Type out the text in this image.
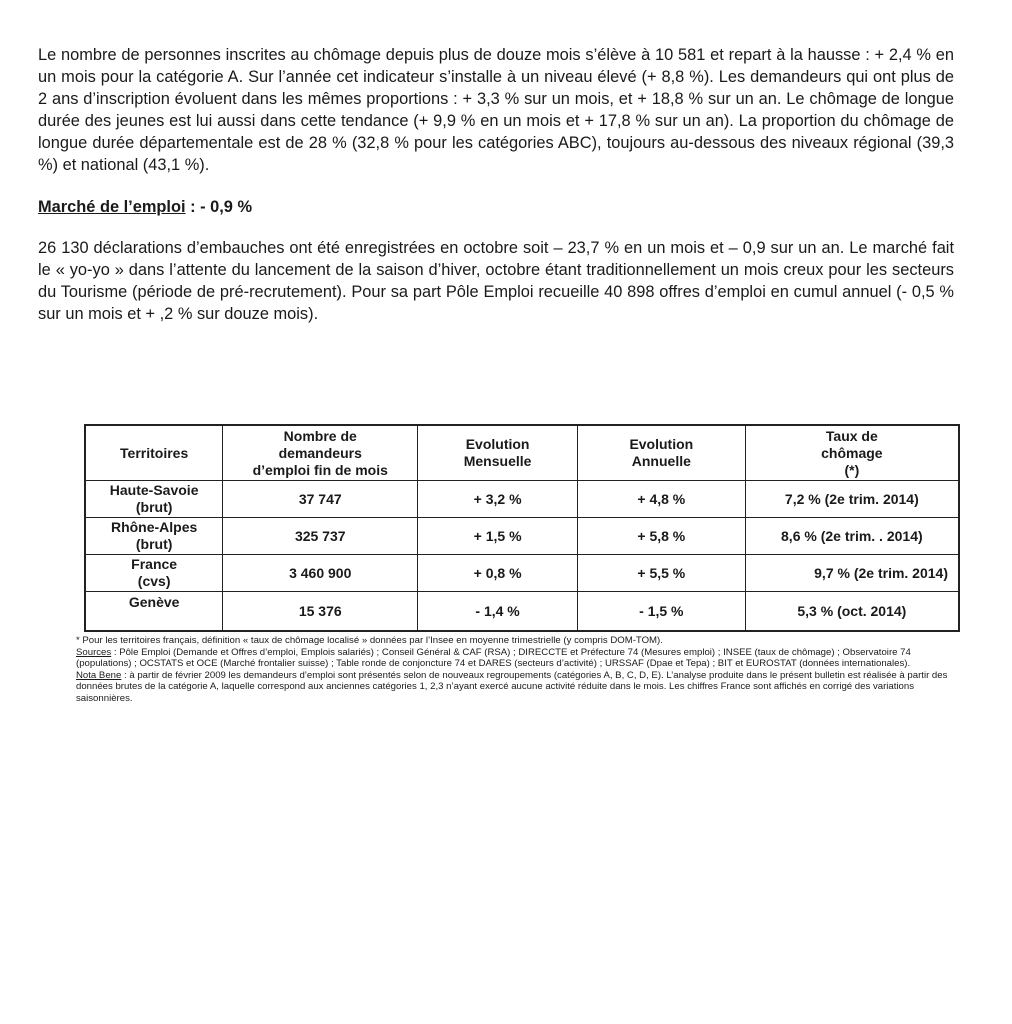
Le nombre de personnes inscrites au chômage depuis plus de douze mois s’élève à 10 581 et repart à la hausse : + 2,4 % en un mois pour la catégorie A. Sur l’année cet indicateur s’installe à un niveau élevé (+ 8,8 %). Les demandeurs qui ont plus de 2 ans d’inscription évoluent dans les mêmes proportions : + 3,3 % sur un mois, et + 18,8 % sur un an. Le chômage de longue durée des jeunes est lui aussi dans cette tendance (+ 9,9 % en un mois et + 17,8 % sur un an). La proportion du chômage de longue durée départementale est de 28 % (32,8 % pour les catégories ABC), toujours au-dessous des niveaux régional (39,3 %) et national (43,1 %).

Marché de l’emploi : - 0,9 %

26 130 déclarations d’embauches ont été enregistrées en octobre soit – 23,7 % en un mois et – 0,9 sur un an. Le marché fait le « yo-yo » dans l’attente du lancement de la saison d’hiver, octobre étant traditionnellement un mois creux pour les secteurs du Tourisme (période de pré-recrutement). Pour sa part Pôle Emploi recueille 40 898 offres d’emploi en cumul annuel (- 0,5 % sur un mois et + ,2 % sur douze mois).

Territoires	Nombre de demandeurs d’emploi fin de mois	Evolution Mensuelle	Evolution Annuelle	Taux de chômage (*)
Haute-Savoie (brut)	37 747	+ 3,2 %	+ 4,8 %	7,2 % (2e trim. 2014)
Rhône-Alpes (brut)	325 737	+ 1,5 %	+ 5,8 %	8,6 % (2e trim. . 2014)
France (cvs)	3 460 900	+ 0,8 %	+ 5,5 %	9,7 % (2e trim. 2014)
Genève	15 376	- 1,4 %	- 1,5 %	5,3 % (oct. 2014)

* Pour les territoires français, définition « taux de chômage localisé » données par l’Insee en moyenne trimestrielle (y compris DOM-TOM).

Sources : Pôle Emploi (Demande et Offres d’emploi, Emplois salariés) ; Conseil Général & CAF (RSA) ; DIRECCTE et Préfecture 74 (Mesures emploi) ; INSEE (taux de chômage) ; Observatoire 74 (populations) ; OCSTATS et OCE (Marché frontalier suisse) ; Table ronde de conjoncture 74 et DARES (secteurs d’activité) ; URSSAF (Dpae et Tepa) ; BIT et EUROSTAT (données internationales).

Nota Bene : à partir de février 2009 les demandeurs d’emploi sont présentés selon de nouveaux regroupements (catégories A, B, C, D, E). L’analyse produite dans le présent bulletin est réalisée à partir des données brutes de la catégorie A, laquelle correspond aux anciennes catégories 1, 2,3 n’ayant exercé aucune activité réduite dans le mois. Les chiffres France sont affichés en corrigé des variations saisonnières.
